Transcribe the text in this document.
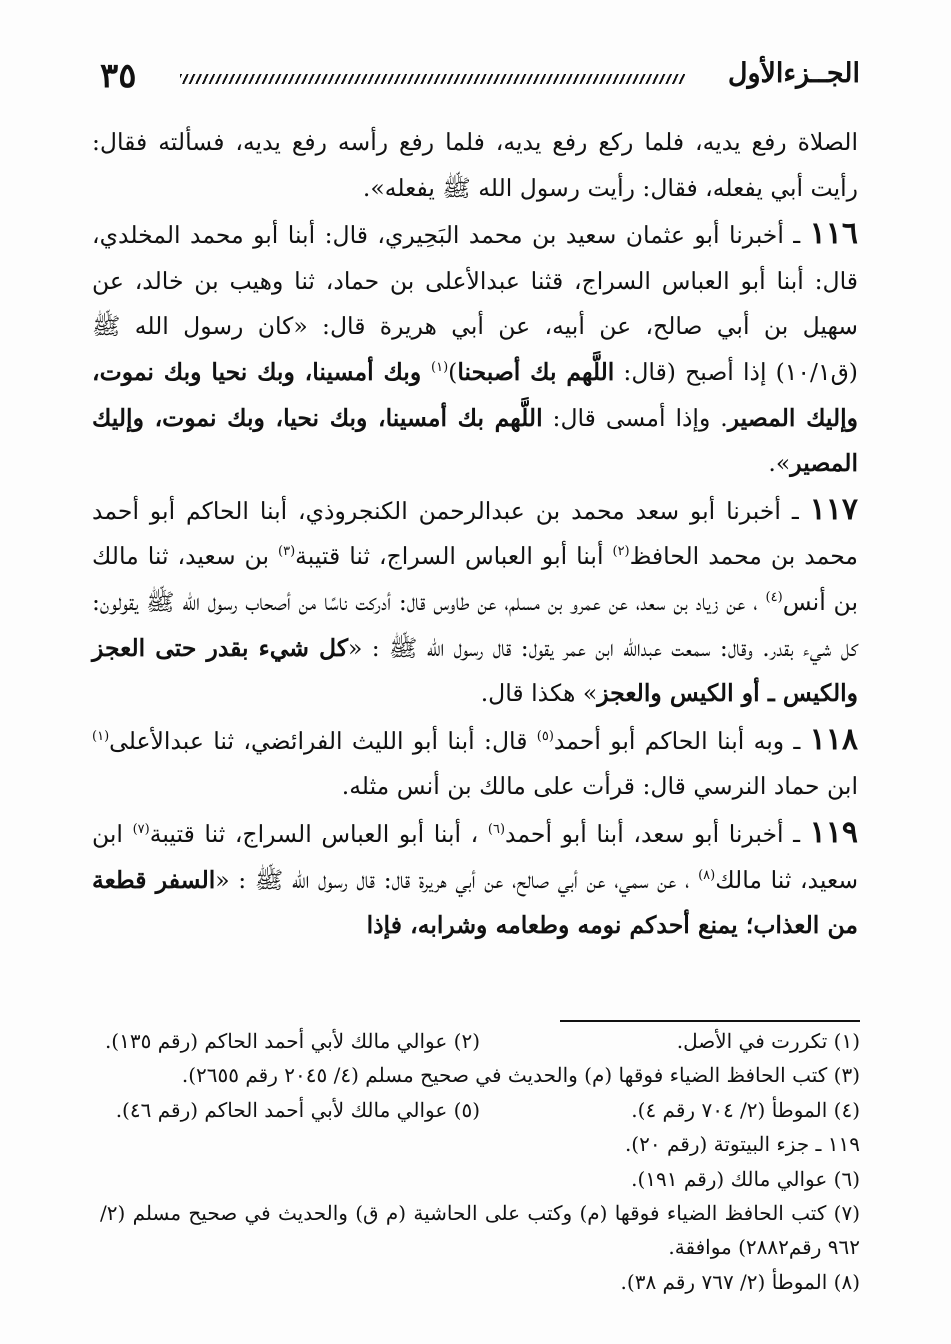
٣٥	الجــزءالأول

الصلاة رفع يديه، فلما ركع رفع يديه، فلما رفع رأسه رفع يديه، فسألته فقال: رأيت أبي يفعله، فقال: رأيت رسول الله ﷺ يفعله».

١١٦ ـ أخبرنا أبو عثمان سعيد بن محمد البَحِيري، قال: أبنا أبو محمد المخلدي، قال: أبنا أبو العباس السراج، قثنا عبدالأعلى بن حماد، ثنا وهيب بن خالد، عن سهيل بن أبي صالح، عن أبيه، عن أبي هريرة قال: «كان رسول الله ﷺ (ق١٠/١) إذا أصبح (قال: اللَّهم بك أصبحنا)$^{(١)}$ وبك أمسينا، وبك نحيا وبك نموت، وإليك المصير. وإذا أمسى قال: اللَّهم بك أمسينا، وبك نحيا، وبك نموت، وإليك المصير».

١١٧ ـ أخبرنا أبو سعد محمد بن عبدالرحمن الكنجروذي، أبنا الحاكم أبو أحمد محمد بن محمد الحافظ$^{(٢)}$ أبنا أبو العباس السراج، ثنا قتيبة$^{(٣)}$ بن سعيد، ثنا مالك بن أنس$^{(٤)}$ ، عن زياد بن سعد، عن عمرو بن مسلم، عن طاوس قال: أدركت ناسًا من أصحاب رسول الله ﷺ يقولون: كل شيء بقدر. وقال: سمعت عبدالله ابن عمر يقول: قال رسول الله ﷺ : «كل شيء بقدر حتى العجز والكيس ـ أو الكيس والعجز» هكذا قال.

١١٨ ـ وبه أبنا الحاكم أبو أحمد$^{(٥)}$ قال: أبنا أبو الليث الفرائضي، ثنا عبدالأعلى$^{(١)}$ ابن حماد النرسي قال: قرأت على مالك بن أنس مثله.

١١٩ ـ أخبرنا أبو سعد، أبنا أبو أحمد$^{(٦)}$ ، أبنا أبو العباس السراج، ثنا قتيبة$^{(٧)}$ ابن سعيد، ثنا مالك$^{(٨)}$ ، عن سمي، عن أبي صالح، عن أبي هريرة قال: قال رسول الله ﷺ : «السفر قطعة من العذاب؛ يمنع أحدكم نومه وطعامه وشرابه، فإذا

(١) تكررت في الأصل.
(٢) عوالي مالك لأبي أحمد الحاكم (رقم ١٣٥).
(٣) كتب الحافظ الضياء فوقها (م) والحديث في صحيح مسلم (٤/ ٢٠٤٥ رقم ٢٦٥٥).
(٤) الموطأ (٢/ ٧٠٤ رقم ٤).
(٥) عوالي مالك لأبي أحمد الحاكم (رقم ٤٦).
١١٩ ـ جزء البيتوتة (رقم ٢٠).
(٦) عوالي مالك (رقم ١٩١).
(٧) كتب الحافظ الضياء فوقها (م) وكتب على الحاشية (م ق) والحديث في صحيح مسلم (٢/ ٩٦٢ رقم٢٨٨٢) موافقة.
(٨) الموطأ (٢/ ٧٦٧ رقم ٣٨).
